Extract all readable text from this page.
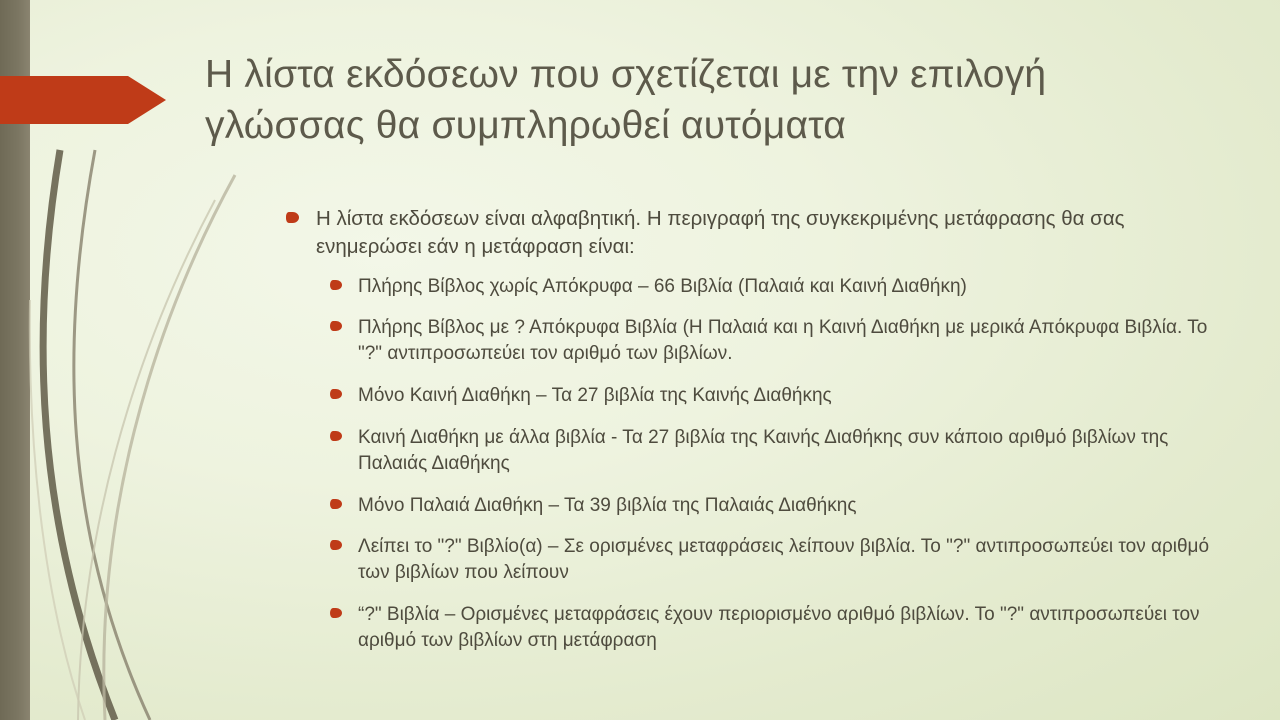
Η λίστα εκδόσεων που σχετίζεται με την επιλογή γλώσσας θα συμπληρωθεί αυτόματα
Η λίστα εκδόσεων είναι αλφαβητική. Η περιγραφή της συγκεκριμένης μετάφρασης θα σας ενημερώσει εάν η μετάφραση είναι:
Πλήρης Βίβλος χωρίς Απόκρυφα – 66 Βιβλία (Παλαιά και Καινή Διαθήκη)
Πλήρης Βίβλος με ? Απόκρυφα Βιβλία (Η Παλαιά και η Καινή Διαθήκη με μερικά Απόκρυφα Βιβλία. Το "?" αντιπροσωπεύει τον αριθμό των βιβλίων.
Μόνο Καινή Διαθήκη – Τα 27 βιβλία της Καινής Διαθήκης
Καινή Διαθήκη με άλλα βιβλία - Τα 27 βιβλία της Καινής Διαθήκης συν κάποιο αριθμό βιβλίων της Παλαιάς Διαθήκης
Μόνο Παλαιά Διαθήκη – Τα 39 βιβλία της Παλαιάς Διαθήκης
Λείπει το "?" Βιβλίο(α) – Σε ορισμένες μεταφράσεις λείπουν βιβλία. Το "?" αντιπροσωπεύει τον αριθμό των βιβλίων που λείπουν
“?" Βιβλία – Ορισμένες μεταφράσεις έχουν περιορισμένο αριθμό βιβλίων. Το "?" αντιπροσωπεύει τον αριθμό των βιβλίων στη μετάφραση
